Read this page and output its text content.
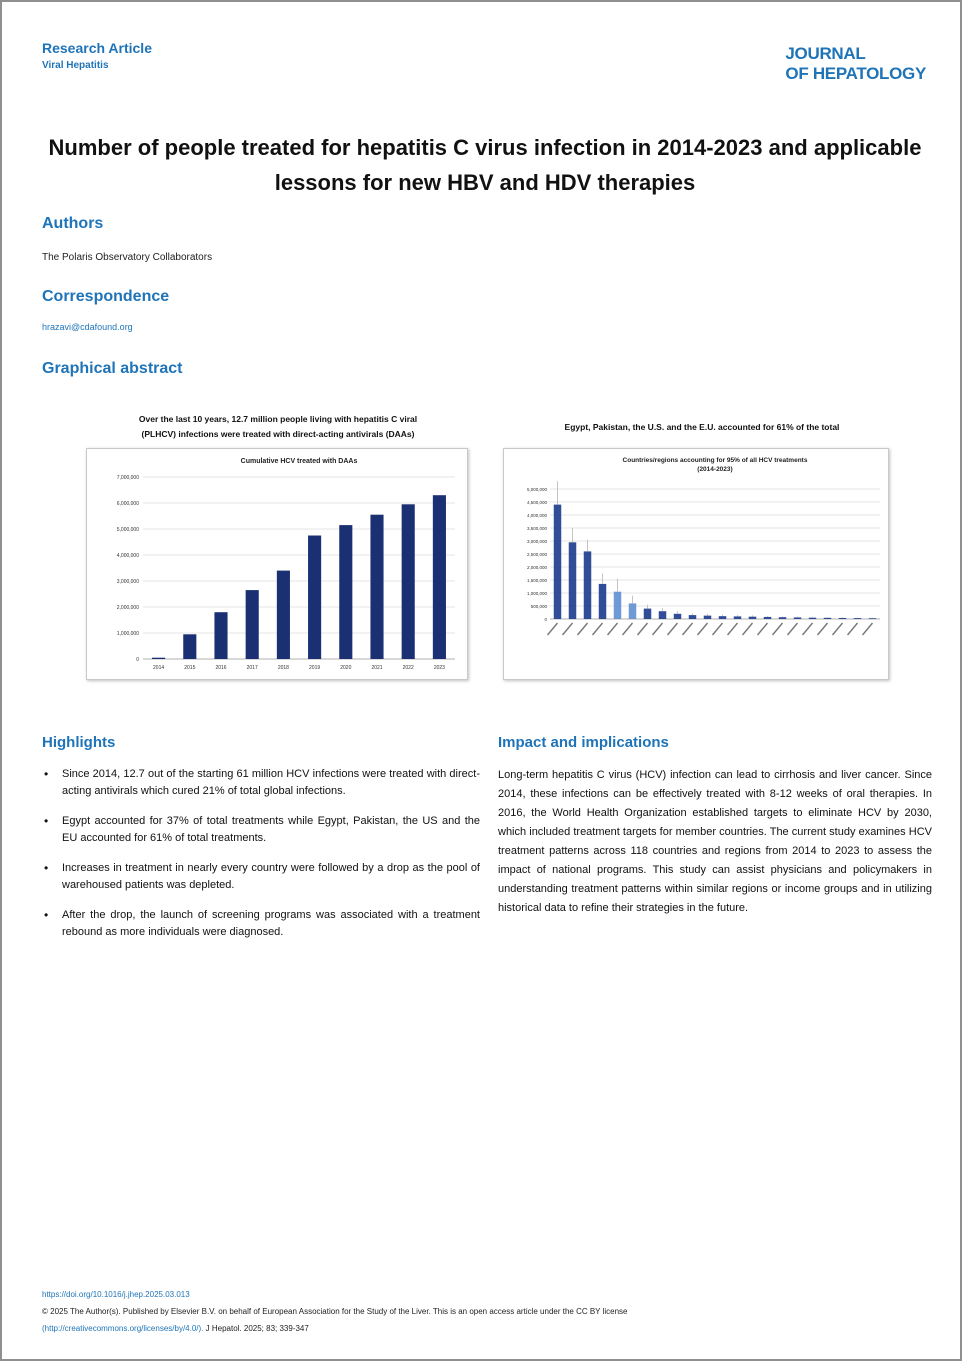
Research Article
Viral Hepatitis
JOURNAL
OF HEPATOLOGY
Number of people treated for hepatitis C virus infection in 2014-2023 and applicable lessons for new HBV and HDV therapies
Authors
The Polaris Observatory Collaborators
Correspondence
hrazavi@cdafound.org
Graphical abstract
Over the last 10 years, 12.7 million people living with hepatitis C viral
(PLHCV) infections were treated with direct-acting antivirals (DAAs)
Egypt, Pakistan, the U.S. and the E.U. accounted for 61% of the total
Cumulative HCV treated with DAAs
0
1,000,000
2,000,000
3,000,000
4,000,000
5,000,000
6,000,000
7,000,000
2014	2015	2016	2017	2018	2019	2020	2021	2022	2023
Countries/regions accounting for 95% of all HCV treatments
(2014-2023)
0
500,000
1,000,000
1,500,000
2,000,000
2,500,000
3,000,000
3,500,000
4,000,000
4,500,000
5,000,000
Highlights
• Since 2014, 12.7 out of the starting 61 million HCV infections were treated with direct-acting antivirals which cured 21% of total global infections.
• Egypt accounted for 37% of total treatments while Egypt, Pakistan, the US and the EU accounted for 61% of total treatments.
• Increases in treatment in nearly every country were followed by a drop as the pool of warehoused patients was depleted.
• After the drop, the launch of screening programs was associated with a treatment rebound as more individuals were diagnosed.
Impact and implications
Long-term hepatitis C virus (HCV) infection can lead to cirrhosis and liver cancer. Since 2014, these infections can be effectively treated with 8-12 weeks of oral therapies. In 2016, the World Health Organization established targets to eliminate HCV by 2030, which included treatment targets for member countries. The current study examines HCV treatment patterns across 118 countries and regions from 2014 to 2023 to assess the impact of national programs. This study can assist physicians and policymakers in understanding treatment patterns within similar regions or income groups and in utilizing historical data to refine their strategies in the future.
https://doi.org/10.1016/j.jhep.2025.03.013
© 2025 The Author(s). Published by Elsevier B.V. on behalf of European Association for the Study of the Liver. This is an open access article under the CC BY license
(http://creativecommons.org/licenses/by/4.0/). J Hepatol. 2025; 83; 339-347
